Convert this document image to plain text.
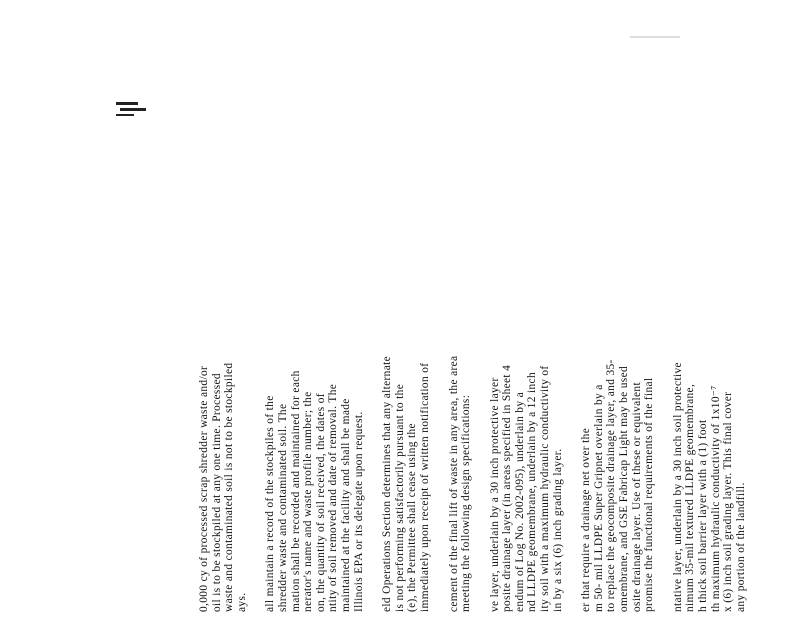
0,000 cy of processed scrap shredder waste and/or oil is to be stockpiled at any one time. Processed waste and contaminated soil is not to be stockpiled ays. all maintain a record of the stockpiles of the shredder waste and contaminated soil. The mation shall be recorded and maintained for each nerator's name and waste profile number; the on, the quantity of soil received, the dates of ntity of soil removed and date of removal. The maintained at the facility and shall be made Illinois EPA or its delegate upon request. eld Operations Section determines that any alternate is not performing satisfactorily pursuant to the (e), the Permittee shall cease using the immediately upon receipt of written notification of cement of the final lift of waste in any area, the area meeting the following design specifications: ve layer, underlain by a 30 inch protective layer posite drainage layer (in areas specified in Sheet 4 endum of Log No. 2002-095), underlain by a nd LLDPE geomembrane, underlain by a 12 inch ity soil with a maximum hydraulic conductivity of in by a six (6) inch grading layer. er that require a drainage net over the m 50- mil LLDPE Super Gripnet overlain by a to replace the geocomposite drainage layer, and 35- omembrane, and GSE Fabricap Light may be used osite drainage layer. Use of these or equivalent promise the functional requirements of the final ntative layer, underlain by a 30 inch soil protective nimum 35-mil textured LLDPE geomembrane, h thick soil barrier layer with a (1) foot th maximum hydraulic conductivity of 1x10⁻⁷ x (6) inch soil grading layer. This final cover any portion of the landfill.
